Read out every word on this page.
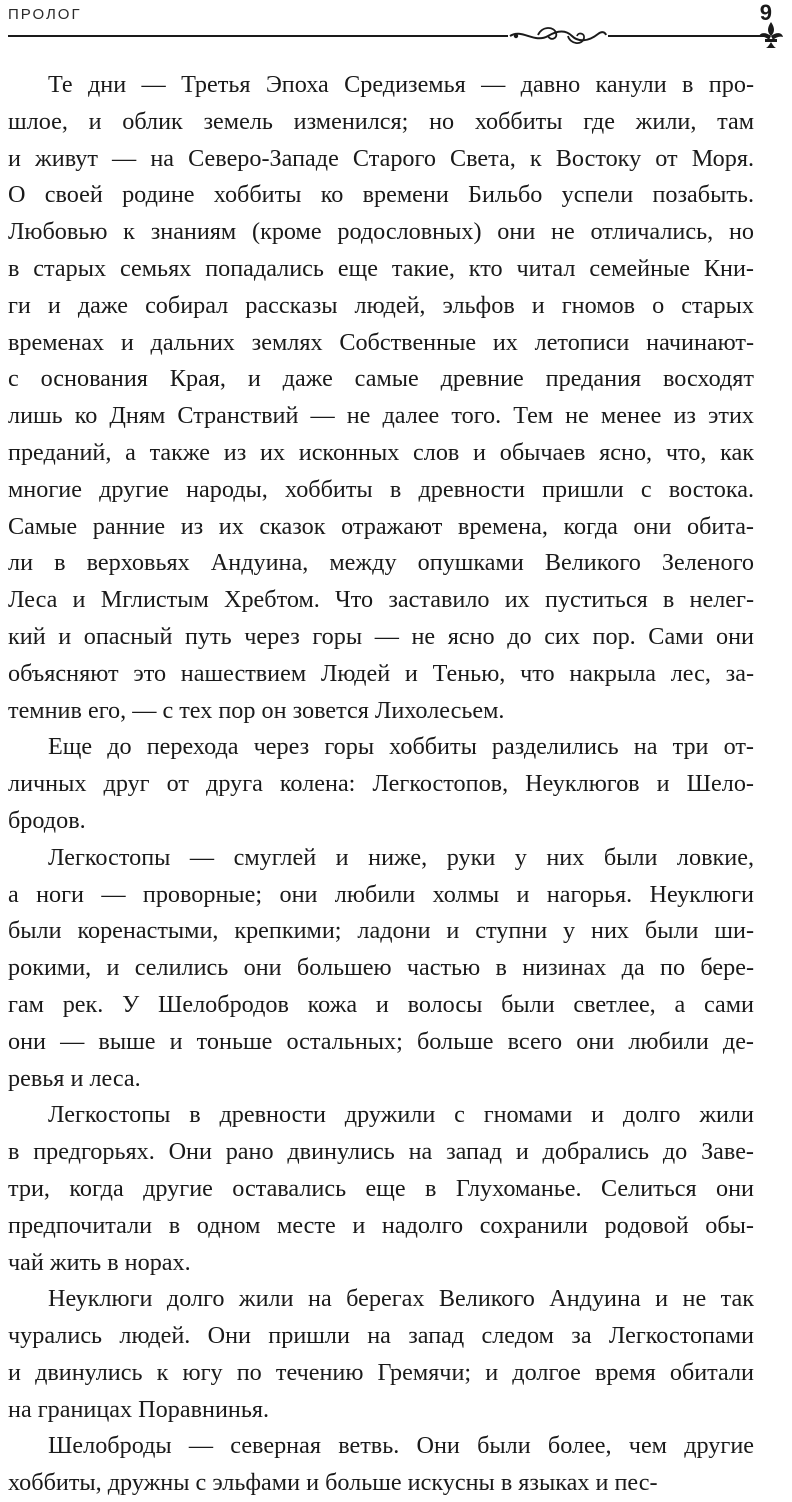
ПРОЛОГ	9

Те дни — Третья Эпоха Средиземья — давно канули в про-
шлое, и облик земель изменился; но хоббиты где жили, там
и живут — на Северо-Западе Старого Света, к Востоку от Моря.
О своей родине хоббиты ко времени Бильбо успели позабыть.
Любовью к знаниям (кроме родословных) они не отличались, но
в старых семьях попадались еще такие, кто читал семейные Кни-
ги и даже собирал рассказы людей, эльфов и гномов о старых
временах и дальних землях Собственные их летописи начинают-
с основания Края, и даже самые древние предания восходят
лишь ко Дням Странствий — не далее того. Тем не менее из этих
преданий, а также из их исконных слов и обычаев ясно, что, как
многие другие народы, хоббиты в древности пришли с востока.
Самые ранние из их сказок отражают времена, когда они обита-
ли в верховьях Андуина, между опушками Великого Зеленого
Леса и Мглистым Хребтом. Что заставило их пуститься в нелег-
кий и опасный путь через горы — не ясно до сих пор. Сами они
объясняют это нашествием Людей и Тенью, что накрыла лес, за-
темнив его, — с тех пор он зовется Лихолесьем.

Еще до перехода через горы хоббиты разделились на три от-
личных друг от друга колена: Легкостопов, Неуклюгов и Шело-
бродов.

Легкостопы — смуглей и ниже, руки у них были ловкие,
а ноги — проворные; они любили холмы и нагорья. Неуклюги
были коренастыми, крепкими; ладони и ступни у них были ши-
рокими, и селились они большею частью в низинах да по бере-
гам рек. У Шелобродов кожа и волосы были светлее, а сами
они — выше и тоньше остальных; больше всего они любили де-
ревья и леса.

Легкостопы в древности дружили с гномами и долго жили
в предгорьях. Они рано двинулись на запад и добрались до Заве-
три, когда другие оставались еще в Глухоманье. Селиться они
предпочитали в одном месте и надолго сохранили родовой обы-
чай жить в норах.

Неуклюги долго жили на берегах Великого Андуина и не так
чурались людей. Они пришли на запад следом за Легкостопами
и двинулись к югу по течению Гремячи; и долгое время обитали
на границах Поравнинья.

Шелоброды — северная ветвь. Они были более, чем другие
хоббиты, дружны с эльфами и больше искусны в языках и пес-
